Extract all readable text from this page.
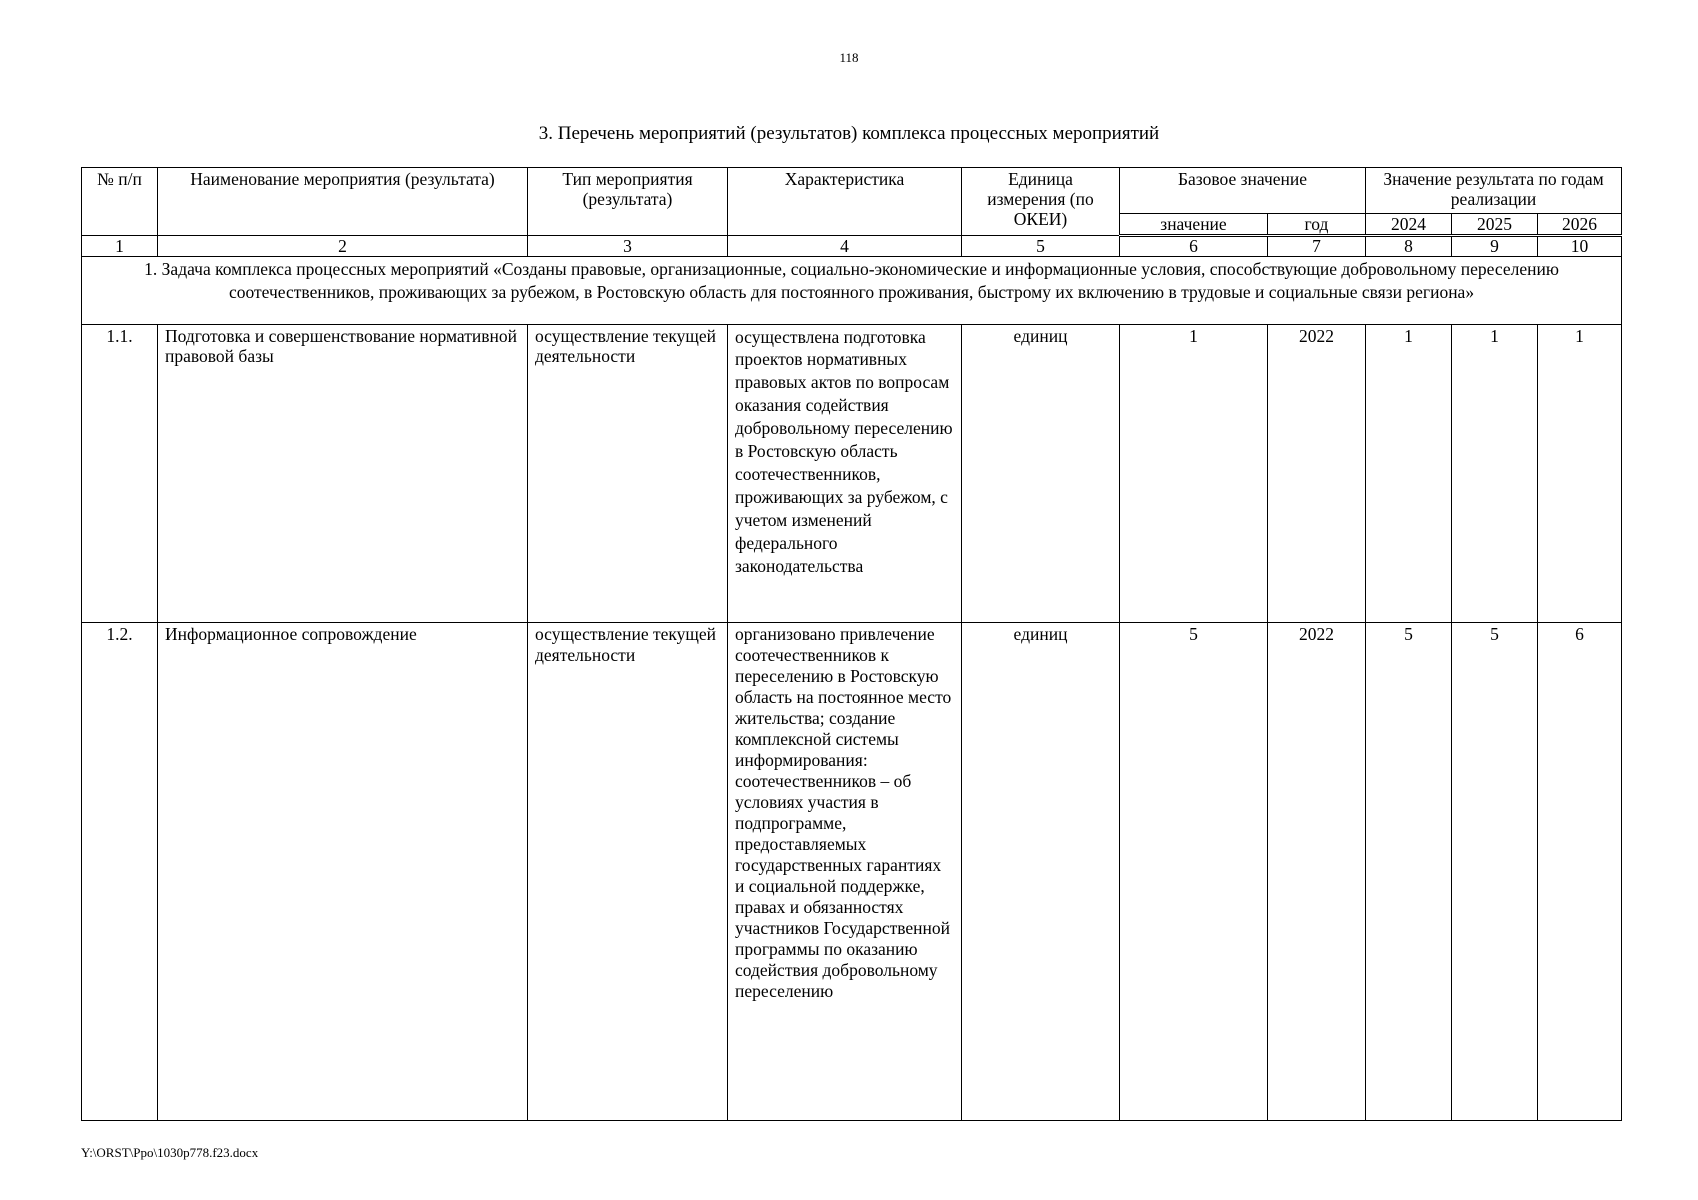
118
3. Перечень мероприятий (результатов) комплекса процессных мероприятий
№ п/п	Наименование мероприятия (результата)	Тип мероприятия (результата)	Характеристика	Единица измерения (по ОКЕИ)	Базовое значение		Значение результата по годам реализации		
					значение	год	2024	2025	2026
1	2	3	4	5	6	7	8	9	10
1. Задача комплекса процессных мероприятий «Созданы правовые, организационные, социально-экономические и информационные условия, способствующие добровольному переселению соотечественников, проживающих за рубежом, в Ростовскую область для постоянного проживания, быстрому их включению в трудовые и социальные связи региона»									
1.1.	Подготовка и совершенствование нормативной правовой базы	осуществление текущей деятельности	осуществлена подготовка проектов нормативных правовых актов по вопросам оказания содействия добровольному переселению в Ростовскую область соотечественников, проживающих за рубежом, с учетом изменений федерального законодательства	единиц	1	2022	1	1	1
1.2.	Информационное сопровождение	осуществление текущей деятельности	организовано привлечение соотечественников к переселению в Ростовскую область на постоянное место жительства; создание комплексной системы информирования: соотечественников – об условиях участия в подпрограмме, предоставляемых государственных гарантиях и социальной поддержке, правах и обязанностях участников Государственной программы по оказанию содействия добровольному переселению	единиц	5	2022	5	5	6
Y:\ORST\Ppo\1030p778.f23.docx
